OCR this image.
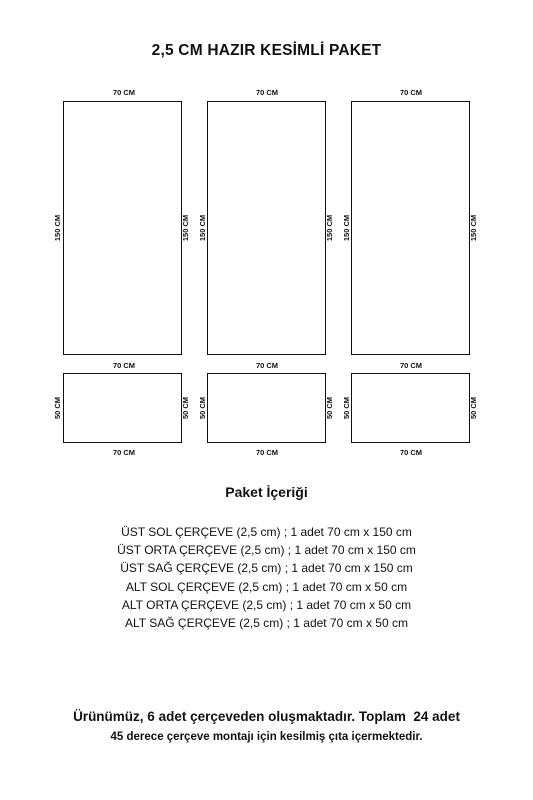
2,5 CM HAZIR KESİMLİ PAKET
70 CM
150 CM	150 CM
70 CM
70 CM
150 CM	150 CM
70 CM
70 CM
150 CM	150 CM
70 CM
50 CM	50 CM
70 CM
50 CM	50 CM
70 CM
50 CM	50 CM
70 CM
Paket İçeriği
ÜST SOL ÇERÇEVE (2,5 cm) ; 1 adet 70 cm x 150 cm
ÜST ORTA ÇERÇEVE (2,5 cm) ; 1 adet 70 cm x 150 cm
ÜST SAĞ ÇERÇEVE (2,5 cm) ; 1 adet 70 cm x 150 cm
ALT SOL ÇERÇEVE (2,5 cm) ; 1 adet 70 cm x 50 cm
ALT ORTA ÇERÇEVE (2,5 cm) ; 1 adet 70 cm x 50 cm
ALT SAĞ ÇERÇEVE (2,5 cm) ; 1 adet 70 cm x 50 cm
Ürünümüz, 6 adet çerçeveden oluşmaktadır. Toplam  24 adet
45 derece çerçeve montajı için kesilmiş çıta içermektedir.
